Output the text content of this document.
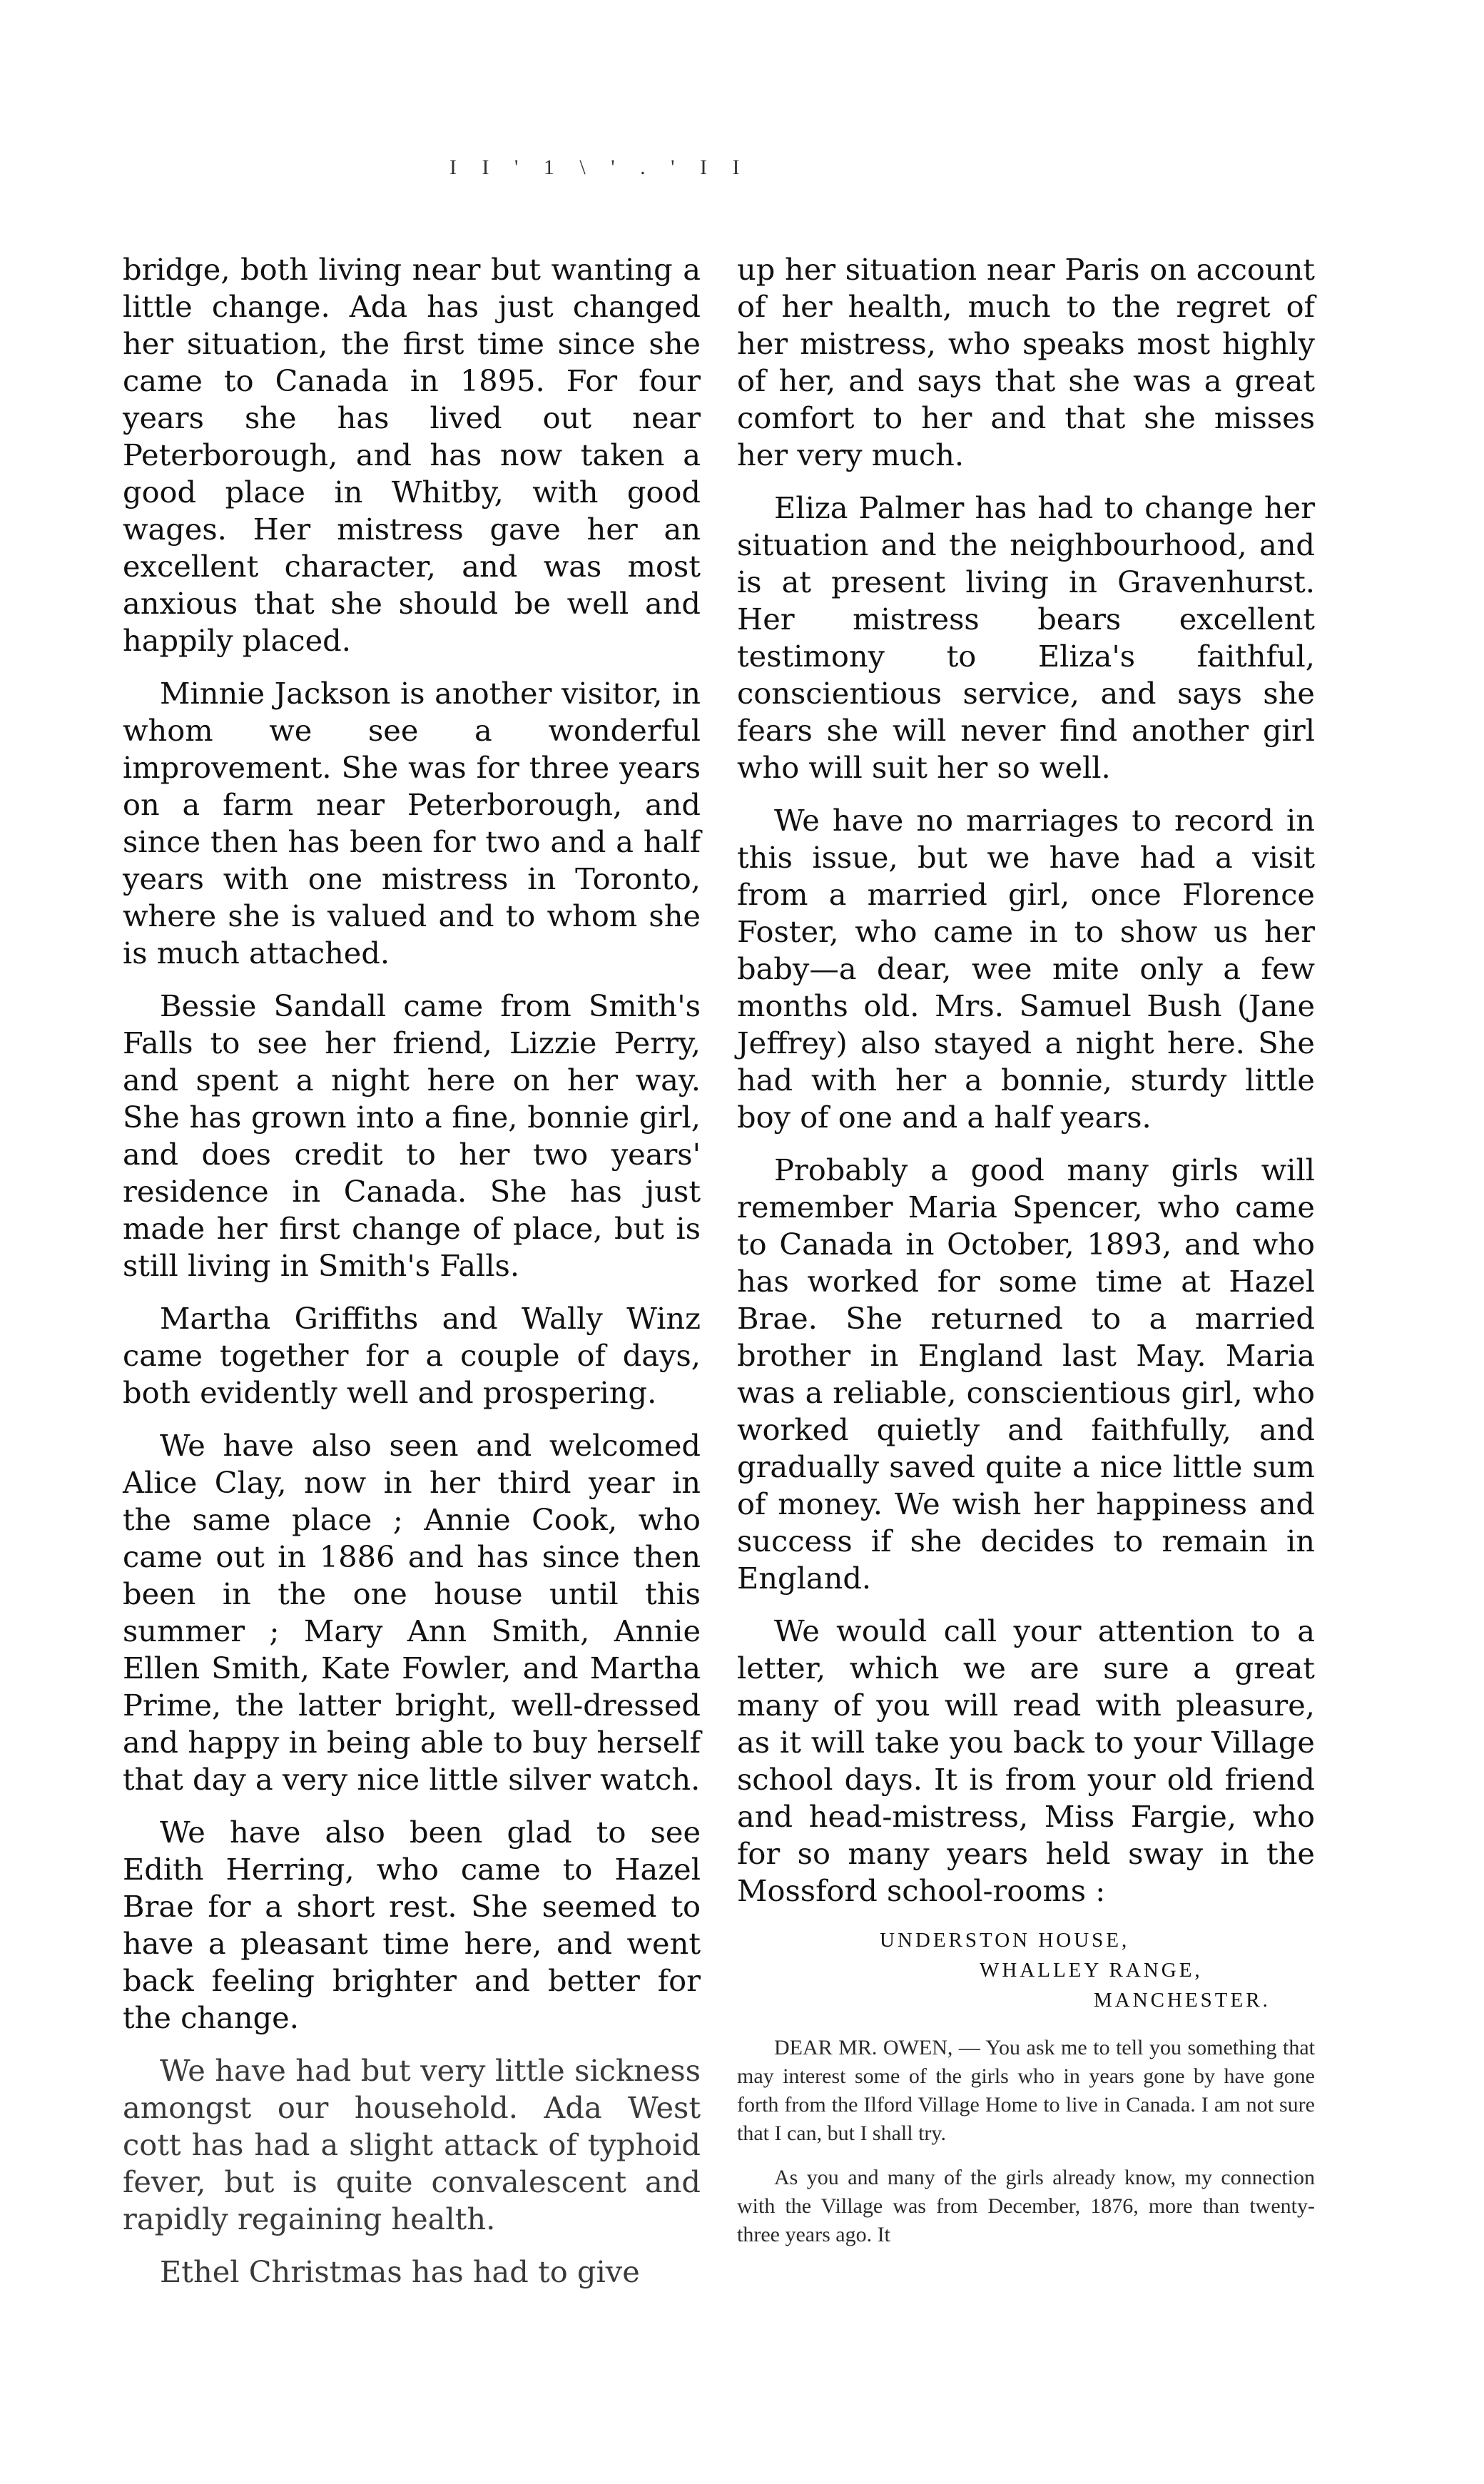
I I ' 1 \ ' . ' I I

bridge, both living near but wanting a little change. Ada has just changed her situation, the first time since she came to Canada in 1895. For four years she has lived out near Peterborough, and has now taken a good place in Whitby, with good wages. Her mistress gave her an excellent character, and was most anxious that she should be well and happily placed.

Minnie Jackson is another visitor, in whom we see a wonderful improvement. She was for three years on a farm near Peterborough, and since then has been for two and a half years with one mistress in Toronto, where she is valued and to whom she is much attached.

Bessie Sandall came from Smith's Falls to see her friend, Lizzie Perry, and spent a night here on her way. She has grown into a fine, bonnie girl, and does credit to her two years' residence in Canada. She has just made her first change of place, but is still living in Smith's Falls.

Martha Griffiths and Wally Winz came together for a couple of days, both evidently well and prospering.

We have also seen and welcomed Alice Clay, now in her third year in the same place ; Annie Cook, who came out in 1886 and has since then been in the one house until this summer ; Mary Ann Smith, Annie Ellen Smith, Kate Fowler, and Martha Prime, the latter bright, well-dressed and happy in being able to buy herself that day a very nice little silver watch.

We have also been glad to see Edith Herring, who came to Hazel Brae for a short rest. She seemed to have a pleasant time here, and went back feeling brighter and better for the change.

We have had but very little sickness amongst our household. Ada West cott has had a slight attack of typhoid fever, but is quite convalescent and rapidly regaining health.

Ethel Christmas has had to give

up her situation near Paris on account of her health, much to the regret of her mistress, who speaks most highly of her, and says that she was a great comfort to her and that she misses her very much.

Eliza Palmer has had to change her situation and the neighbourhood, and is at present living in Gravenhurst. Her mistress bears excellent testimony to Eliza's faithful, conscientious service, and says she fears she will never find another girl who will suit her so well.

We have no marriages to record in this issue, but we have had a visit from a married girl, once Florence Foster, who came in to show us her baby—a dear, wee mite only a few months old. Mrs. Samuel Bush (Jane Jeffrey) also stayed a night here. She had with her a bonnie, sturdy little boy of one and a half years.

Probably a good many girls will remember Maria Spencer, who came to Canada in October, 1893, and who has worked for some time at Hazel Brae. She returned to a married brother in England last May. Maria was a reliable, conscientious girl, who worked quietly and faithfully, and gradually saved quite a nice little sum of money. We wish her happiness and success if she decides to remain in England.

We would call your attention to a letter, which we are sure a great many of you will read with pleasure, as it will take you back to your Village school days. It is from your old friend and head-mistress, Miss Fargie, who for so many years held sway in the Mossford school-rooms :

UNDERSTON HOUSE,
WHALLEY RANGE,
MANCHESTER.

DEAR MR. OWEN, — You ask me to tell you something that may interest some of the girls who in years gone by have gone forth from the Ilford Village Home to live in Canada. I am not sure that I can, but I shall try.

As you and many of the girls already know, my connection with the Village was from December, 1876, more than twenty-three years ago. It
